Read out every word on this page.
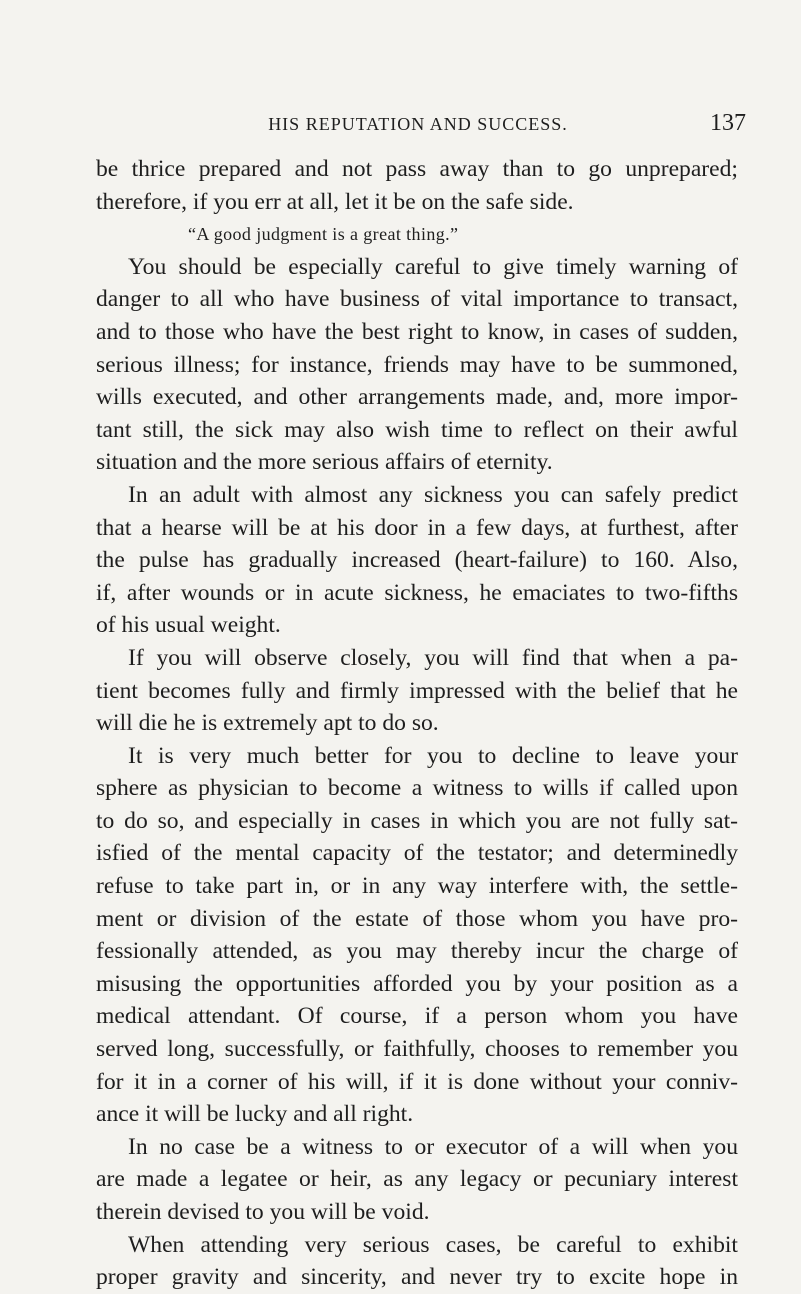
HIS REPUTATION AND SUCCESS.	137
be thrice prepared and not pass away than to go unprepared;
therefore, if you err at all, let it be on the safe side.
“A good judgment is a great thing.”
You should be especially careful to give timely warning of
danger to all who have business of vital importance to transact,
and to those who have the best right to know, in cases of sudden,
serious illness; for instance, friends may have to be summoned,
wills executed, and other arrangements made, and, more impor-
tant still, the sick may also wish time to reflect on their awful
situation and the more serious affairs of eternity.
In an adult with almost any sickness you can safely predict
that a hearse will be at his door in a few days, at furthest, after
the pulse has gradually increased (heart-failure) to 160. Also,
if, after wounds or in acute sickness, he emaciates to two-fifths
of his usual weight.
If you will observe closely, you will find that when a pa-
tient becomes fully and firmly impressed with the belief that he
will die he is extremely apt to do so.
It is very much better for you to decline to leave your
sphere as physician to become a witness to wills if called upon
to do so, and especially in cases in which you are not fully sat-
isfied of the mental capacity of the testator; and determinedly
refuse to take part in, or in any way interfere with, the settle-
ment or division of the estate of those whom you have pro-
fessionally attended, as you may thereby incur the charge of
misusing the opportunities afforded you by your position as a
medical attendant. Of course, if a person whom you have
served long, successfully, or faithfully, chooses to remember you
for it in a corner of his will, if it is done without your conniv-
ance it will be lucky and all right.
In no case be a witness to or executor of a will when you
are made a legatee or heir, as any legacy or pecuniary interest
therein devised to you will be void.
When attending very serious cases, be careful to exhibit
proper gravity and sincerity, and never try to excite hope in
